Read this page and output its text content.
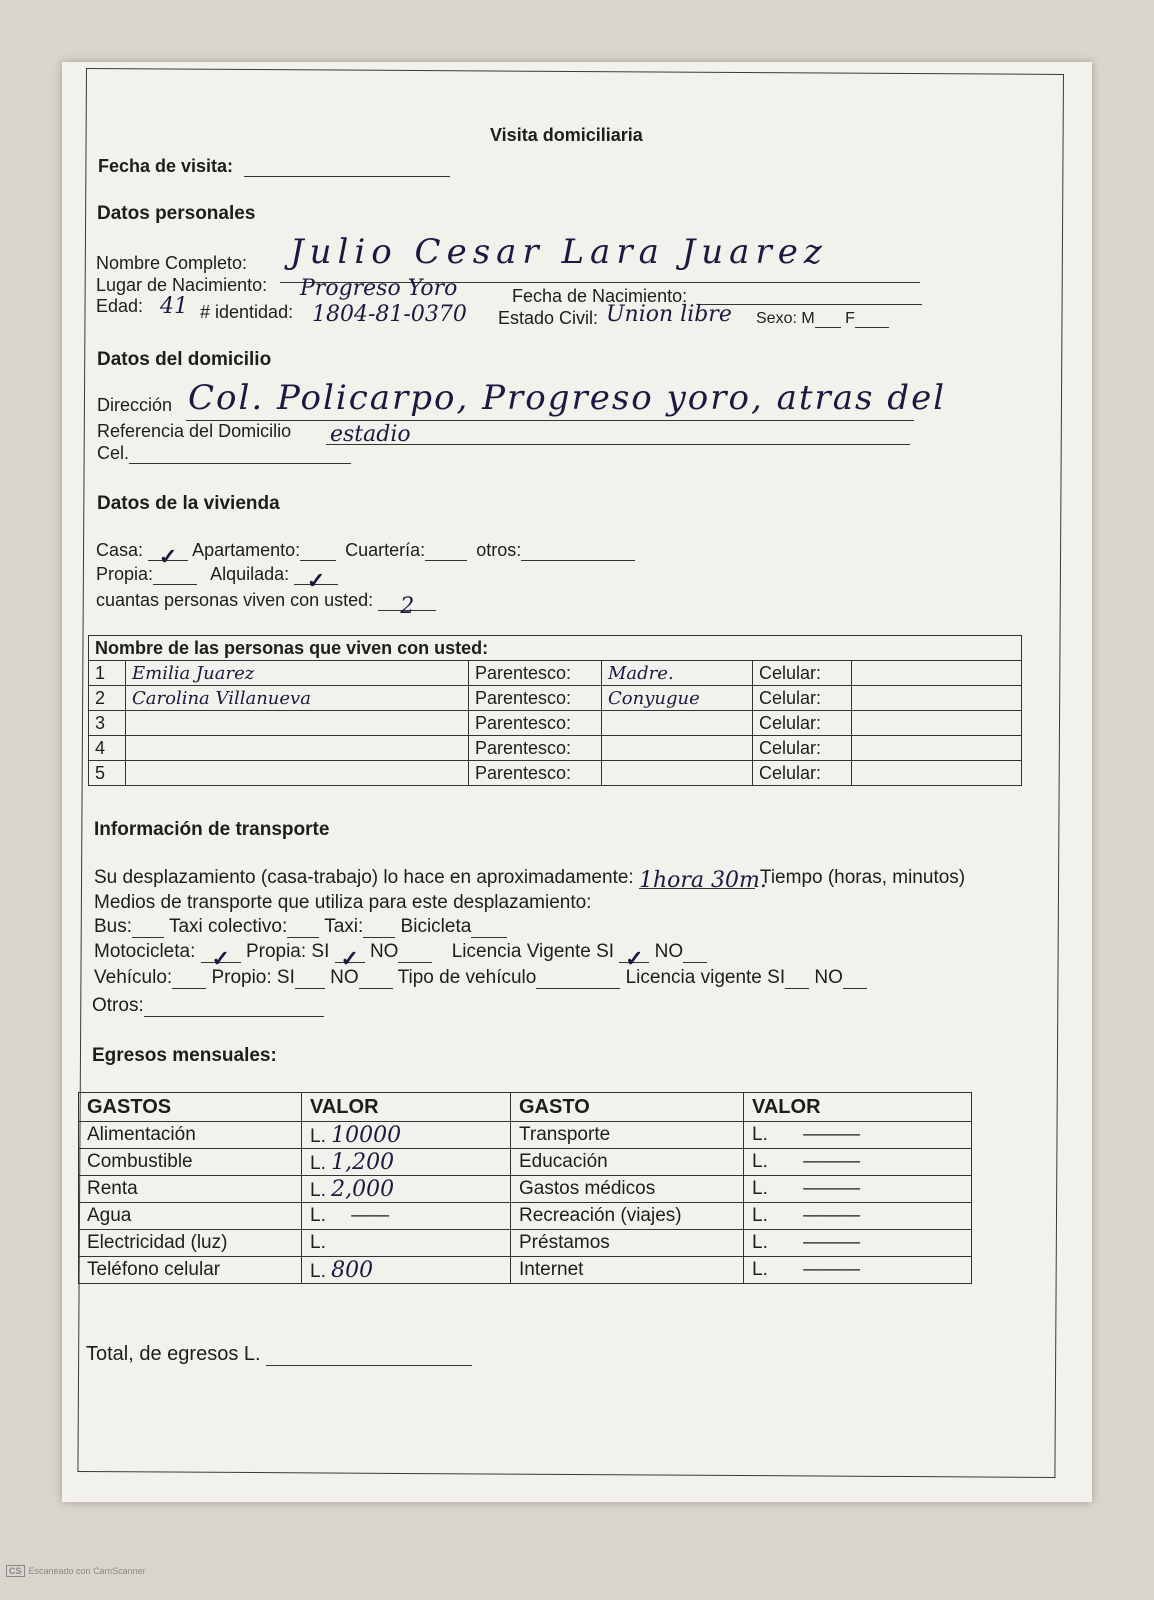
Visita domiciliaria
Fecha de visita:
Datos personales
Nombre Completo: Julio Cesar Lara Juarez
Lugar de Nacimiento: Progreso Yoro	Fecha de Nacimiento:
Edad: 41 # identidad: 1804-81-0370 Estado Civil: Union libre Sexo: M F
Datos del domicilio
Dirección Col. Policarpo, Progreso yoro, atras del
Referencia del Domicilio estadio
Cel.
Datos de la vivienda
Casa: ✓ Apartamento:	Cuartería:	otros:
Propia:	Alquilada: ✓
cuantas personas viven con usted: 2
Nombre de las personas que viven con usted:					
1	Emilia Juarez	Parentesco:	Madre.	Celular:	
2	Carolina Villanueva	Parentesco:	Conyugue	Celular:	
3		Parentesco:		Celular:	
4		Parentesco:		Celular:	
5		Parentesco:		Celular:	
Información de transporte
Su desplazamiento (casa-trabajo) lo hace en aproximadamente: 1hora 30m. Tiempo (horas, minutos)
Medios de transporte que utiliza para este desplazamiento:
Bus: Taxi colectivo: Taxi: Bicicleta
Motocicleta: ✓ Propia: SI ✓ NO	Licencia Vigente SI ✓ NO
Vehículo: Propio: SI NO Tipo de vehículo	Licencia vigente SI NO
Otros:
Egresos mensuales:
GASTOS	VALOR	GASTO	VALOR
Alimentación	L. 10000	Transporte	L. ———
Combustible	L. 1,200	Educación	L. ———
Renta	L. 2,000	Gastos médicos	L. ———
Agua	L. ——	Recreación (viajes)	L. ———
Electricidad (luz)	L.	Préstamos	L. ———
Teléfono celular	L. 800	Internet	L. ———
Total, de egresos L.
CS Escaneado con CamScanner
